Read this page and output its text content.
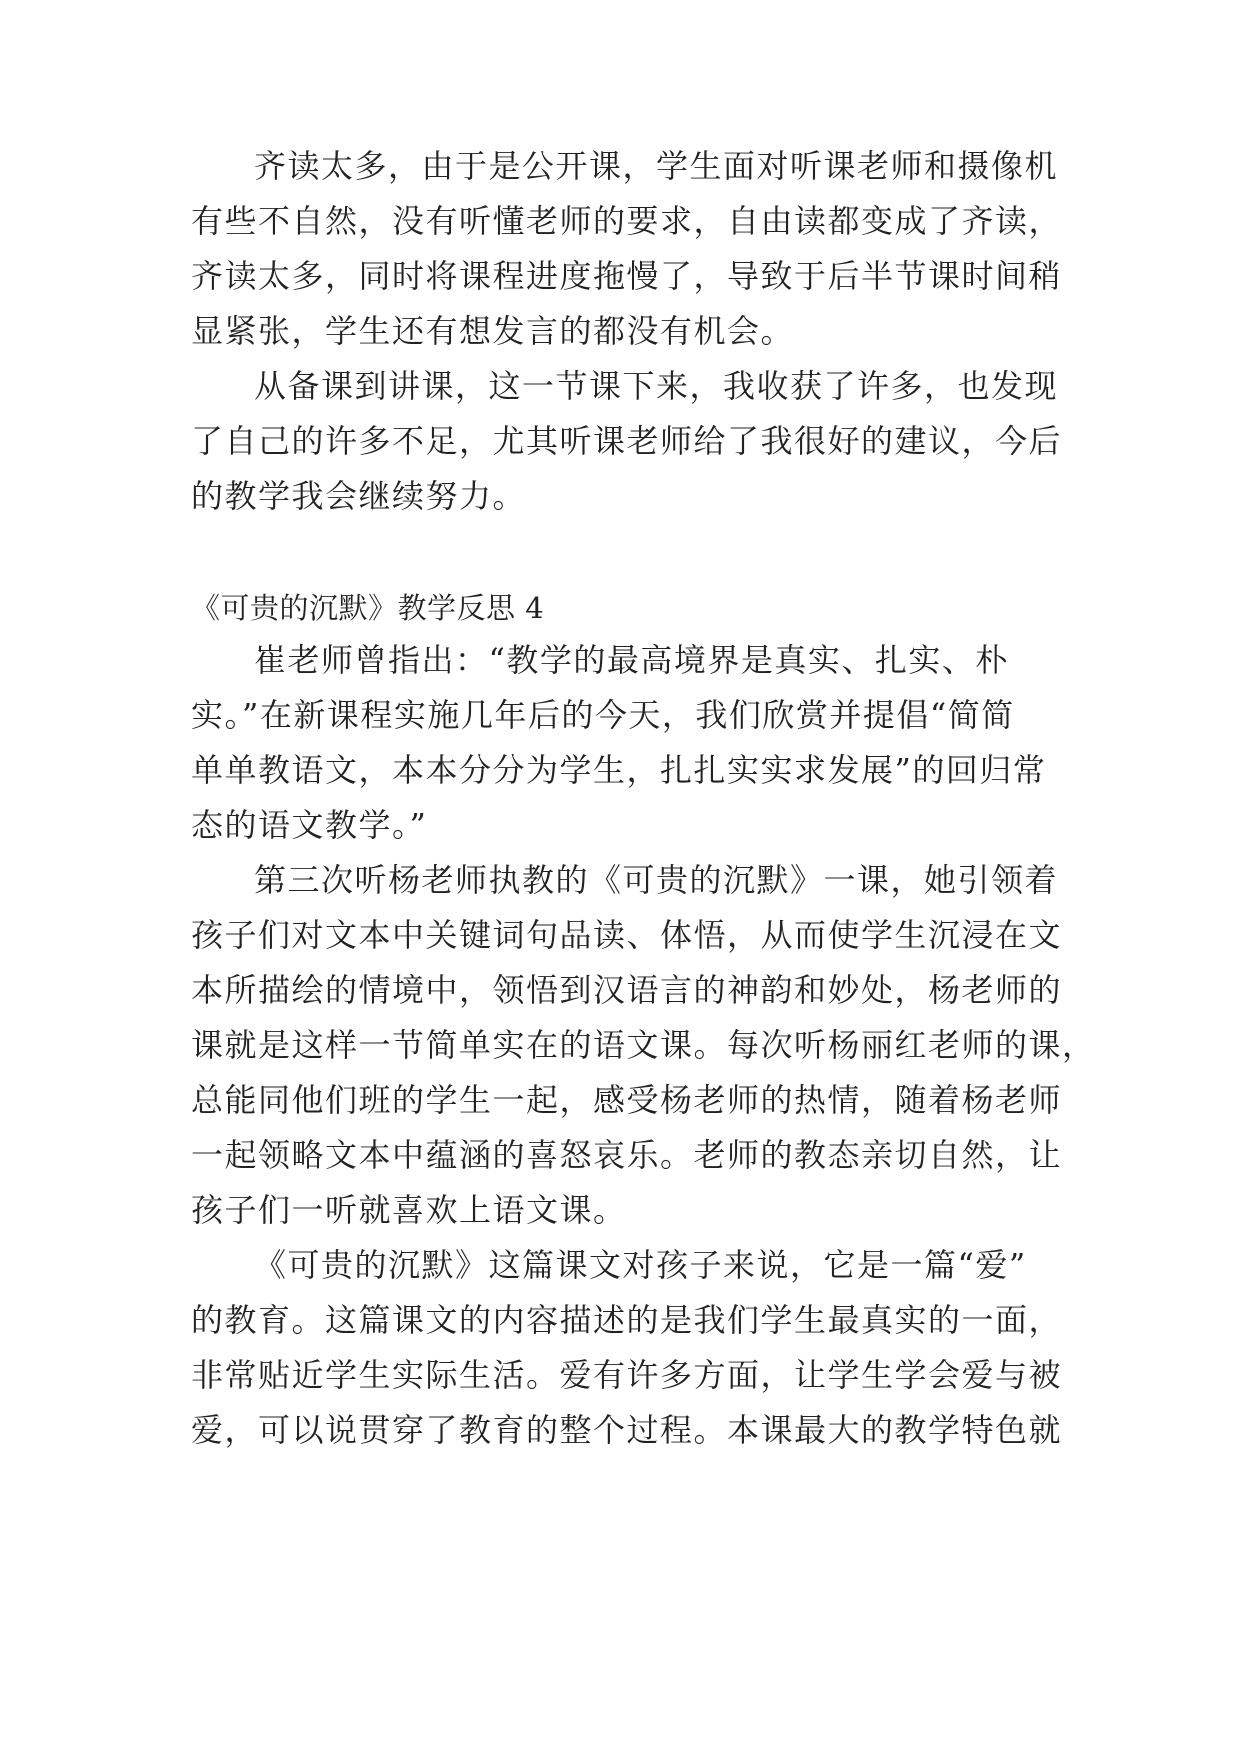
齐读太多，由于是公开课，学生面对听课老师和摄像机
有些不自然，没有听懂老师的要求，自由读都变成了齐读，
齐读太多，同时将课程进度拖慢了，导致于后半节课时间稍
显紧张，学生还有想发言的都没有机会。
从备课到讲课，这一节课下来，我收获了许多，也发现
了自己的许多不足，尤其听课老师给了我很好的建议，今后
的教学我会继续努力。
《可贵的沉默》教学反思 4
崔老师曾指出：“教学的最高境界是真实、扎实、朴
实。”在新课程实施几年后的今天，我们欣赏并提倡“简简
单单教语文，本本分分为学生，扎扎实实求发展”的回归常
态的语文教学。”
第三次听杨老师执教的《可贵的沉默》一课，她引领着
孩子们对文本中关键词句品读、体悟，从而使学生沉浸在文
本所描绘的情境中，领悟到汉语言的神韵和妙处，杨老师的
课就是这样一节简单实在的语文课。每次听杨丽红老师的课，
总能同他们班的学生一起，感受杨老师的热情，随着杨老师
一起领略文本中蕴涵的喜怒哀乐。老师的教态亲切自然，让
孩子们一听就喜欢上语文课。
《可贵的沉默》这篇课文对孩子来说，它是一篇“爱”
的教育。这篇课文的内容描述的是我们学生最真实的一面，
非常贴近学生实际生活。爱有许多方面，让学生学会爱与被
爱，可以说贯穿了教育的整个过程。本课最大的教学特色就
